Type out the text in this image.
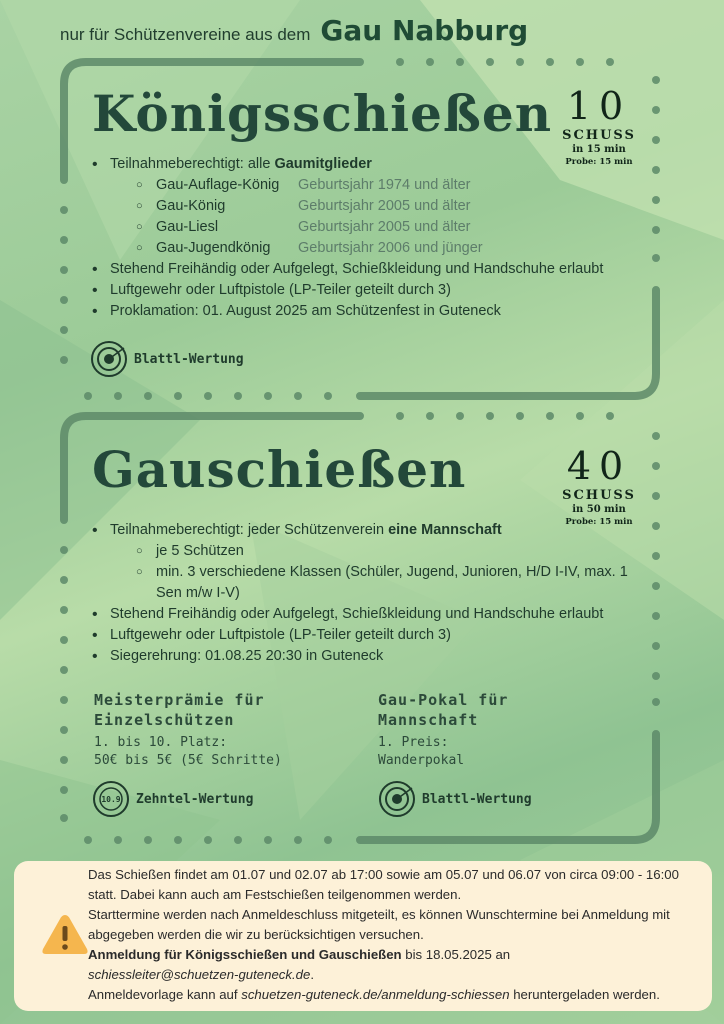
nur für Schützenvereine aus dem Gau Nabburg
Königsschießen 10
SCHUSS
in 15 min
Probe: 15 min
• Teilnahmeberechtigt: alle Gaumitglieder
○ Gau-Auflage-König Geburtsjahr 1974 und älter
○ Gau-König	Geburtsjahr 2005 und älter
○ Gau-Liesl	Geburtsjahr 2005 und älter
○ Gau-Jugendkönig Geburtsjahr 2006 und jünger
• Stehend Freihändig oder Aufgelegt, Schießkleidung und Handschuhe erlaubt
• Luftgewehr oder Luftpistole (LP-Teiler geteilt durch 3)
• Proklamation: 01. August 2025 am Schützenfest in Guteneck
Blattl-Wertung
Gauschießen	40
SCHUSS
in 50 min
Probe: 15 min
• Teilnahmeberechtigt: jeder Schützenverein eine Mannschaft
○ je 5 Schützen
○ min. 3 verschiedene Klassen (Schüler, Jugend, Junioren, H/D I-IV, max. 1 Sen m/w I-V)
• Stehend Freihändig oder Aufgelegt, Schießkleidung und Handschuhe erlaubt
• Luftgewehr oder Luftpistole (LP-Teiler geteilt durch 3)
• Siegerehrung: 01.08.25 20:30 in Guteneck
Meisterprämie für Einzelschützen
1. bis 10. Platz:
50€ bis 5€ (5€ Schritte)
Gau-Pokal für Mannschaft
1. Preis:
Wanderpokal
10.9 Zehntel-Wertung	Blattl-Wertung
Das Schießen findet am 01.07 und 02.07 ab 17:00 sowie am 05.07 und 06.07 von circa 09:00 - 16:00 statt. Dabei kann auch am Festschießen teilgenommen werden.
Starttermine werden nach Anmeldeschluss mitgeteilt, es können Wunschtermine bei Anmeldung mit abgegeben werden die wir zu berücksichtigen versuchen.
Anmeldung für Königsschießen und Gauschießen bis 18.05.2025 an
schiessleiter@schuetzen-guteneck.de.
Anmeldevorlage kann auf schuetzen-guteneck.de/anmeldung-schiessen heruntergeladen werden.
